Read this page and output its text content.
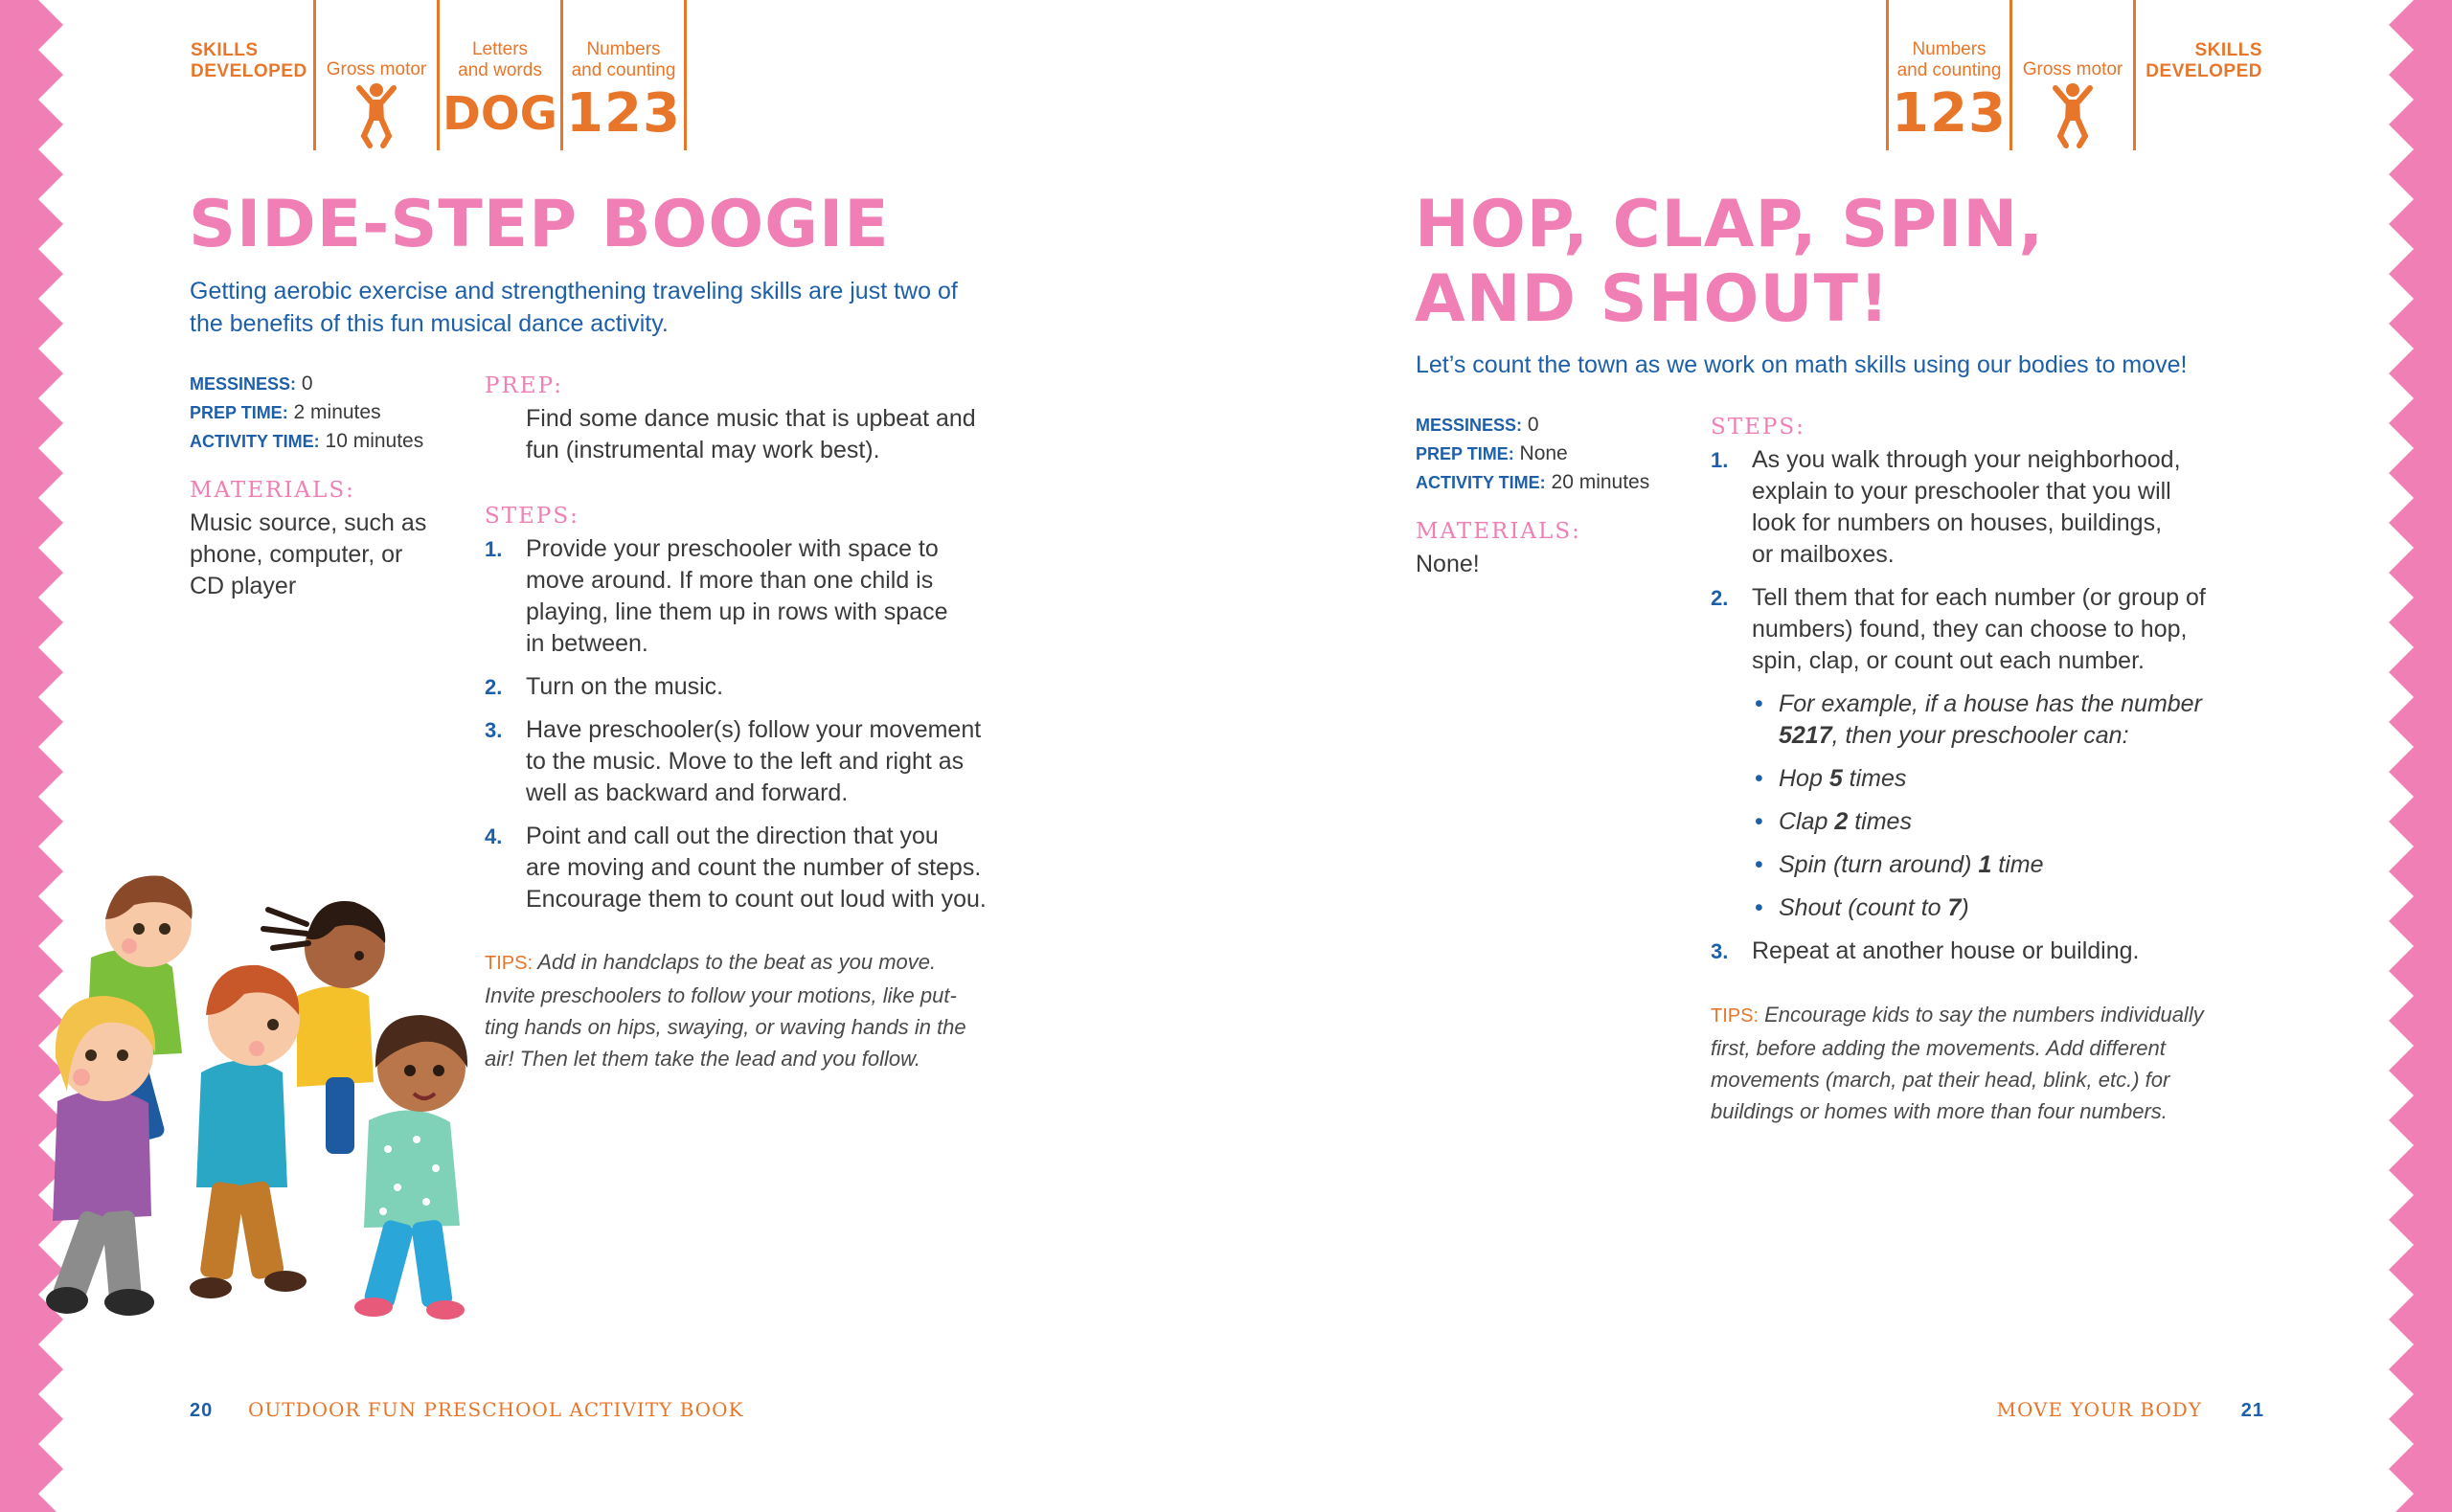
SKILLS
DEVELOPED	Gross motor
Letters
and words
DOG
Numbers
and counting
123
SIDE-STEP BOOGIE
Getting aerobic exercise and strengthening traveling skills are just two of
the benefits of this fun musical dance activity.
MESSINESS: 0
PREP TIME: 2 minutes
ACTIVITY TIME: 10 minutes
MATERIALS:
Music source, such as
phone, computer, or
CD player
PREP:
Find some dance music that is upbeat and
fun (instrumental may work best).
STEPS:
1. Provide your preschooler with space to
move around. If more than one child is
playing, line them up in rows with space
in between.
2. Turn on the music.
3. Have preschooler(s) follow your movement
to the music. Move to the left and right as
well as backward and forward.
4. Point and call out the direction that you
are moving and count the number of steps.
Encourage them to count out loud with you.
TIPS: Add in handclaps to the beat as you move.
Invite preschoolers to follow your motions, like put-
ting hands on hips, swaying, or waving hands in the
air! Then let them take the lead and you follow.
20 OUTDOOR FUN PRESCHOOL ACTIVITY BOOK
Numbers
and counting
123
Gross motor
SKILLS
DEVELOPED
HOP, CLAP, SPIN,
AND SHOUT!
Let’s count the town as we work on math skills using our bodies to move!
MESSINESS: 0
PREP TIME: None
ACTIVITY TIME: 20 minutes
MATERIALS:
None!
STEPS:
1. As you walk through your neighborhood,
explain to your preschooler that you will
look for numbers on houses, buildings,
or mailboxes.
2. Tell them that for each number (or group of
numbers) found, they can choose to hop,
spin, clap, or count out each number.
• For example, if a house has the number
5217, then your preschooler can:
• Hop 5 times
• Clap 2 times
• Spin (turn around) 1 time
• Shout (count to 7)
3. Repeat at another house or building.
TIPS: Encourage kids to say the numbers individually
first, before adding the movements. Add different
movements (march, pat their head, blink, etc.) for
buildings or homes with more than four numbers.
MOVE YOUR BODY 21
